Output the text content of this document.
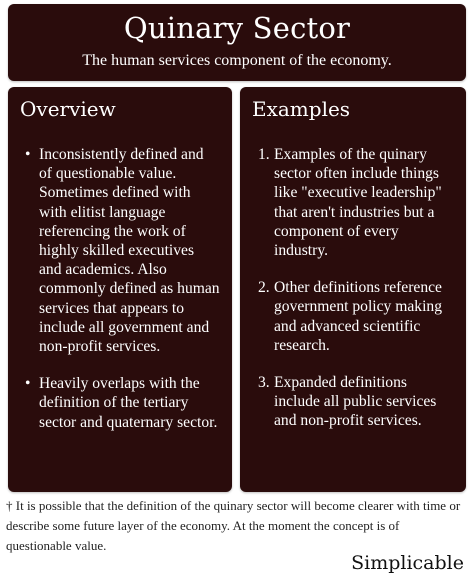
Quinary Sector
The human services component of the economy.
Overview
• Inconsistently defined and of questionable value. Sometimes defined with with elitist language referencing the work of highly skilled executives and academics. Also commonly defined as human services that appears to include all government and non-profit services.
• Heavily overlaps with the definition of the tertiary sector and quaternary sector.
Examples
1. Examples of the quinary sector often include things like "executive leadership" that aren't industries but a component of every industry.
2. Other definitions reference government policy making and advanced scientific research.
3. Expanded definitions include all public services and non-profit services.
† It is possible that the definition of the quinary sector will become clearer with time or describe some future layer of the economy. At the moment the concept is of questionable value.
Simplicable
